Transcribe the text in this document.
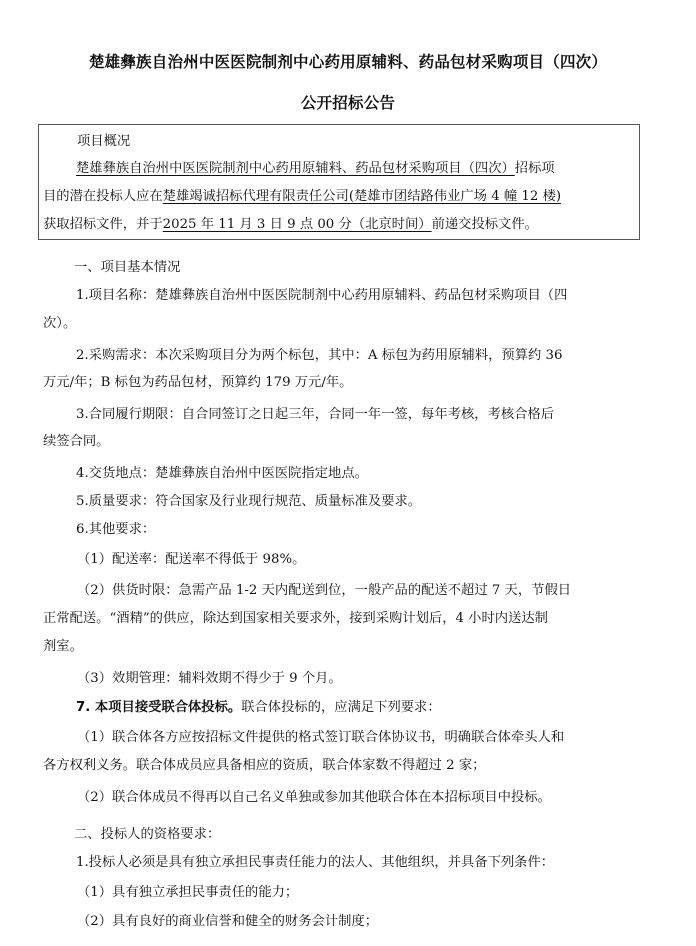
楚雄彝族自治州中医医院制剂中心药用原辅料、药品包材采购项目（四次）
公开招标公告
项目概况
楚雄彝族自治州中医医院制剂中心药用原辅料、药品包材采购项目（四次）招标项
目的潜在投标人应在楚雄竭诚招标代理有限责任公司(楚雄市团结路伟业广场 4 幢 12 楼)
获取招标文件，并于2025 年 11 月 3 日 9 点 00 分（北京时间）前递交投标文件。
一、项目基本情况
1.项目名称：楚雄彝族自治州中医医院制剂中心药用原辅料、药品包材采购项目（四
次）。
2.采购需求：本次采购项目分为两个标包，其中：A 标包为药用原辅料，预算约 36
万元/年；B 标包为药品包材，预算约 179 万元/年。
3.合同履行期限：自合同签订之日起三年，合同一年一签，每年考核，考核合格后
续签合同。
4.交货地点：楚雄彝族自治州中医医院指定地点。
5.质量要求：符合国家及行业现行规范、质量标准及要求。
6.其他要求：
（1）配送率：配送率不得低于 98%。
（2）供货时限：急需产品 1-2 天内配送到位，一般产品的配送不超过 7 天，节假日
正常配送。“酒精”的供应，除达到国家相关要求外，接到采购计划后，4 小时内送达制
剂室。
（3）效期管理：辅料效期不得少于 9 个月。
7. 本项目接受联合体投标。联合体投标的，应满足下列要求：
（1）联合体各方应按招标文件提供的格式签订联合体协议书，明确联合体牵头人和
各方权利义务。联合体成员应具备相应的资质，联合体家数不得超过 2 家；
（2）联合体成员不得再以自己名义单独或参加其他联合体在本招标项目中投标。
二、投标人的资格要求：
1.投标人必须是具有独立承担民事责任能力的法人、其他组织，并具备下列条件：
（1）具有独立承担民事责任的能力；
（2）具有良好的商业信誉和健全的财务会计制度；
